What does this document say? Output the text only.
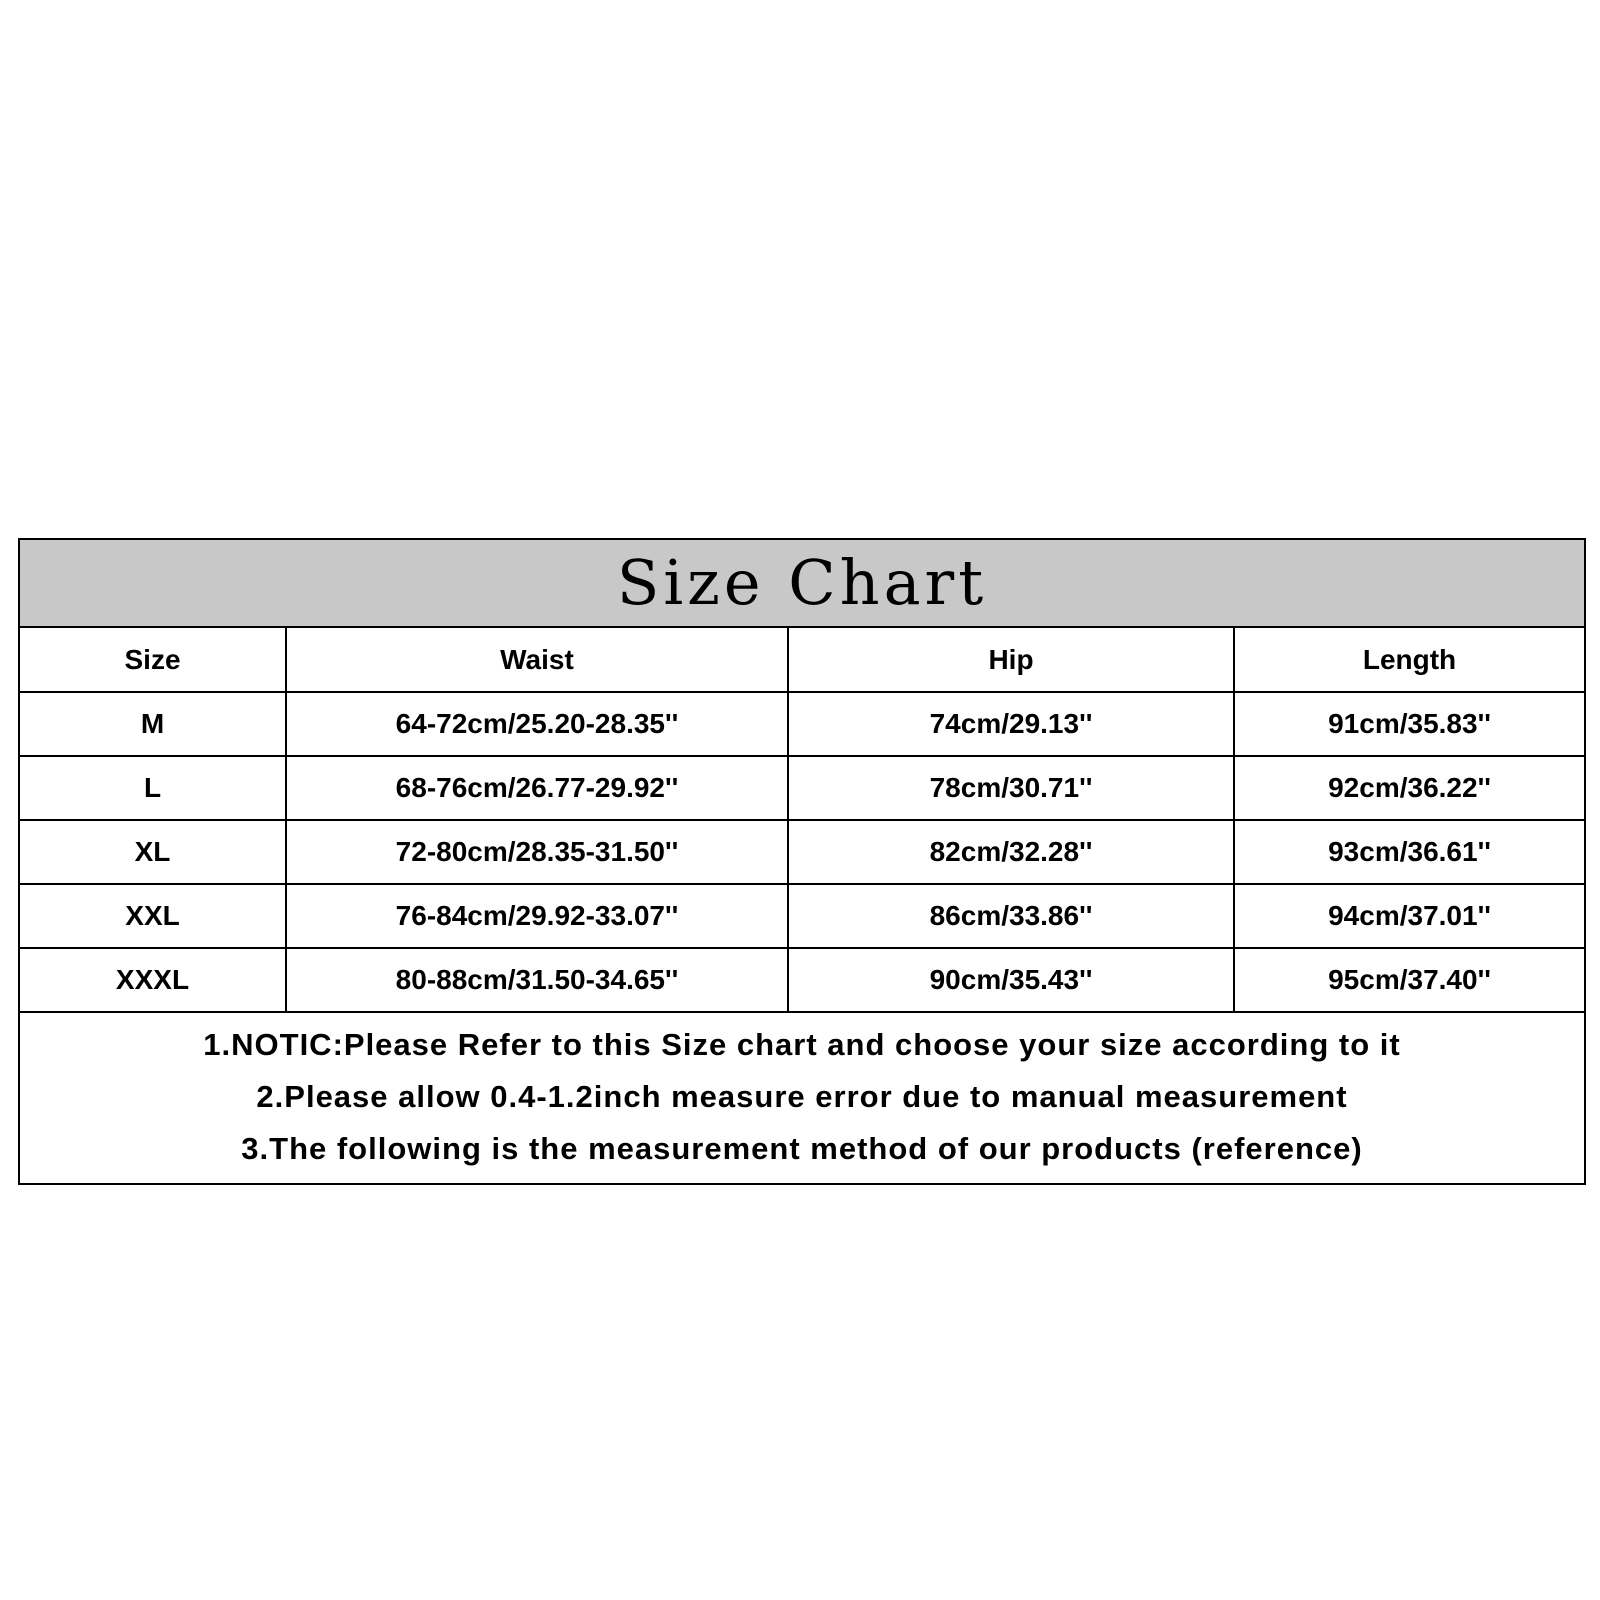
Size Chart
Size	Waist	Hip	Length
M	64-72cm/25.20-28.35''	74cm/29.13''	91cm/35.83''
L	68-76cm/26.77-29.92''	78cm/30.71''	92cm/36.22''
XL	72-80cm/28.35-31.50''	82cm/32.28''	93cm/36.61''
XXL	76-84cm/29.92-33.07''	86cm/33.86''	94cm/37.01''
XXXL	80-88cm/31.50-34.65''	90cm/35.43''	95cm/37.40''
1.NOTIC:Please Refer to this Size chart and choose your size according to it
2.Please allow 0.4-1.2inch measure error due to manual measurement
3.The following is the measurement method of our products (reference)
